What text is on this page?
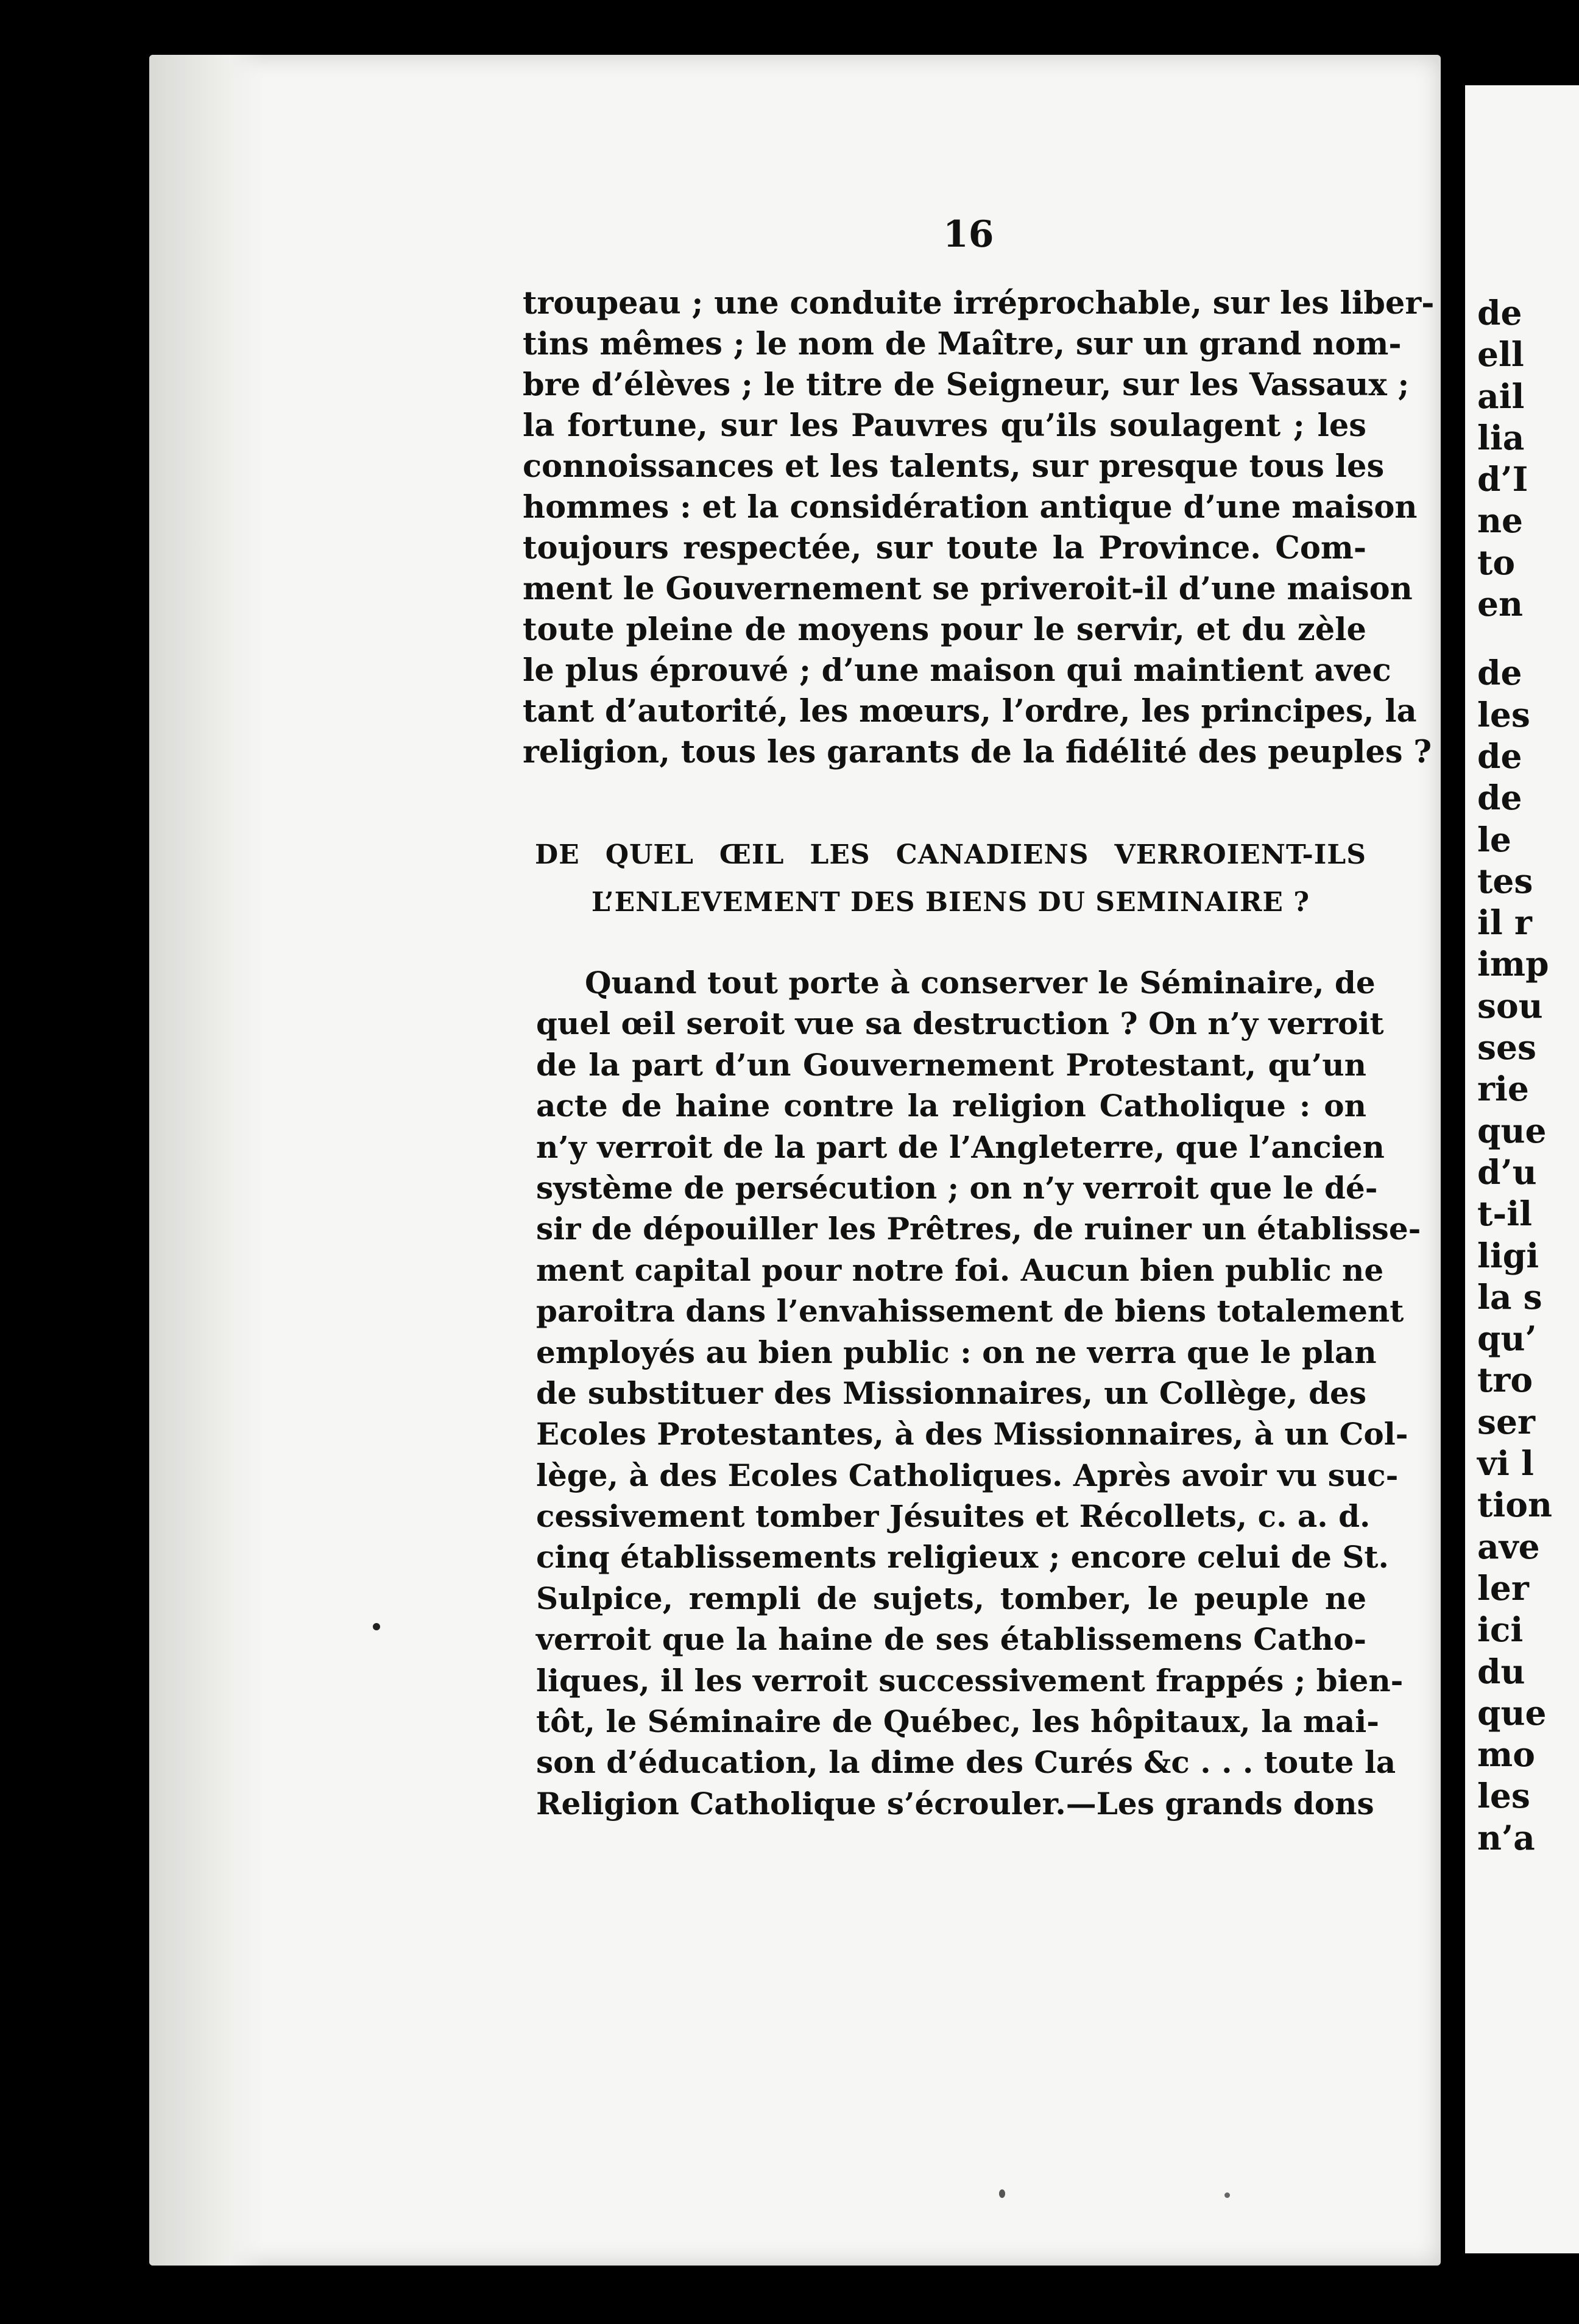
de
ell
ail
lia
d’I
ne
to
en
de
les
de
de
le
tes
il r
imp
sou
ses
rie
que
d’u
t-il
ligi
la s
qu’
tro
ser
vi l
tion
ave
ler
ici
du
que
mo
les
n’a
16
troupeau ; une conduite irréprochable, sur les liber-
tins mêmes ; le nom de Maître, sur un grand nom-
bre d’élèves ; le titre de Seigneur, sur les Vassaux ;
la fortune, sur les Pauvres qu’ils soulagent ; les
connoissances et les talents, sur presque tous les
hommes : et la considération antique d’une maison
toujours respectée, sur toute la Province. Com-
ment le Gouvernement se priveroit-il d’une maison
toute pleine de moyens pour le servir, et du zèle
le plus éprouvé ; d’une maison qui maintient avec
tant d’autorité, les mœurs, l’ordre, les principes, la
religion, tous les garants de la fidélité des peuples ?
DE QUEL ŒIL LES CANADIENS VERROIENT-ILS
L’ENLEVEMENT DES BIENS DU SEMINAIRE ?
Quand tout porte à conserver le Séminaire, de
quel œil seroit vue sa destruction ? On n’y verroit
de la part d’un Gouvernement Protestant, qu’un
acte de haine contre la religion Catholique : on
n’y verroit de la part de l’Angleterre, que l’ancien
système de persécution ; on n’y verroit que le dé-
sir de dépouiller les Prêtres, de ruiner un établisse-
ment capital pour notre foi. Aucun bien public ne
paroitra dans l’envahissement de biens totalement
employés au bien public : on ne verra que le plan
de substituer des Missionnaires, un Collège, des
Ecoles Protestantes, à des Missionnaires, à un Col-
lège, à des Ecoles Catholiques. Après avoir vu suc-
cessivement tomber Jésuites et Récollets, c. a. d.
cinq établissements religieux ; encore celui de St.
Sulpice, rempli de sujets, tomber, le peuple ne
verroit que la haine de ses établissemens Catho-
liques, il les verroit successivement frappés ; bien-
tôt, le Séminaire de Québec, les hôpitaux, la mai-
son d’éducation, la dime des Curés &c . . . toute la
Religion Catholique s’écrouler.—Les grands dons
